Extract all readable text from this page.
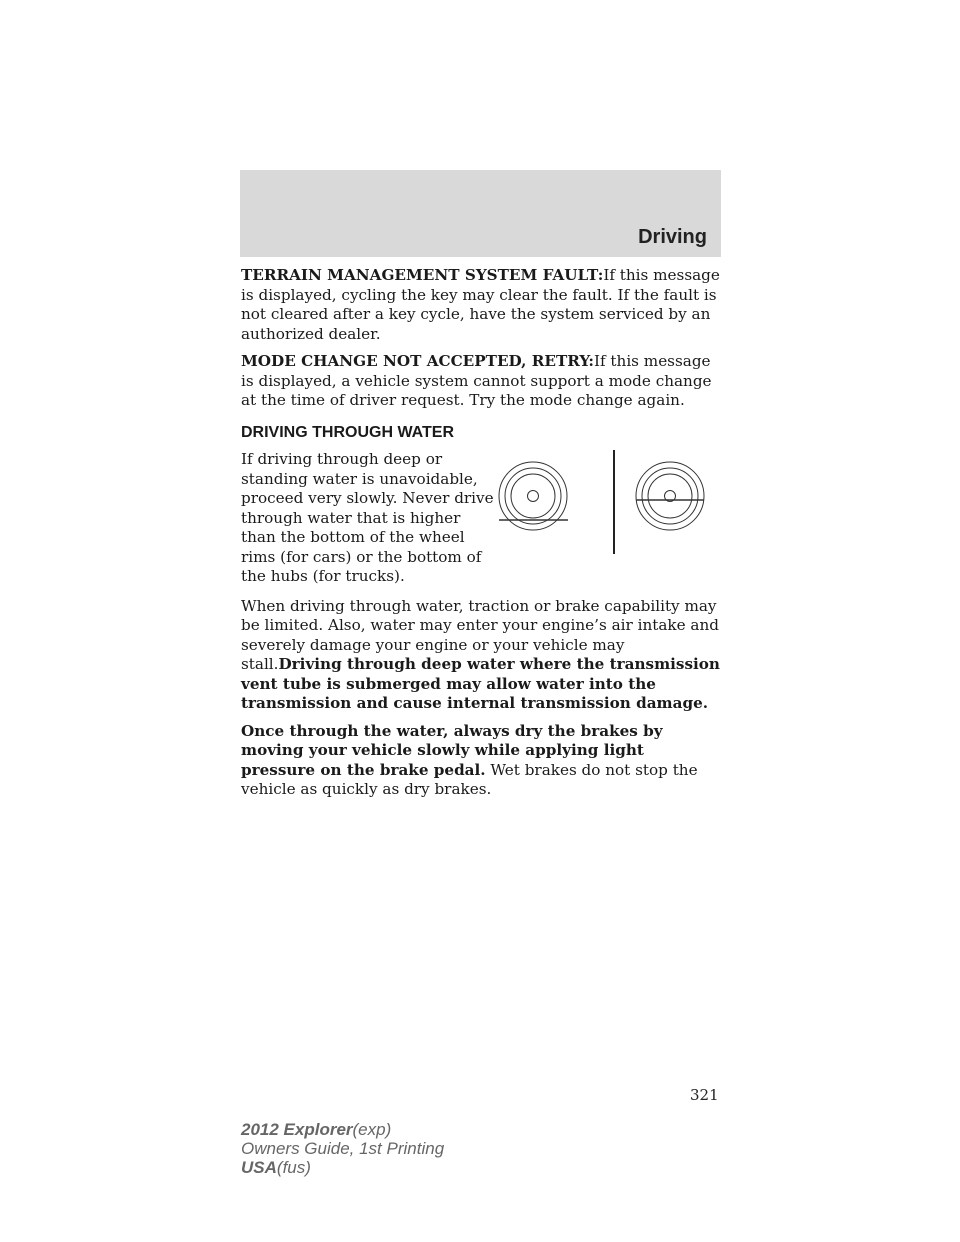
Driving

TERRAIN MANAGEMENT SYSTEM FAULT:If this message is displayed, cycling the key may clear the fault. If the fault is not cleared after a key cycle, have the system serviced by an authorized dealer.

MODE CHANGE NOT ACCEPTED, RETRY:If this message is displayed, a vehicle system cannot support a mode change at the time of driver request. Try the mode change again.

DRIVING THROUGH WATER
If driving through deep or standing water is unavoidable, proceed very slowly. Never drive through water that is higher than the bottom of the wheel rims (for cars) or the bottom of the hubs (for trucks).

When driving through water, traction or brake capability may be limited. Also, water may enter your engine’s air intake and severely damage your engine or your vehicle may stall.Driving through deep water where the transmission vent tube is submerged may allow water into the transmission and cause internal transmission damage.

Once through the water, always dry the brakes by moving your vehicle slowly while applying light pressure on the brake pedal. Wet brakes do not stop the vehicle as quickly as dry brakes.

321
2012 Explorer(exp)
Owners Guide, 1st Printing
USA(fus)
